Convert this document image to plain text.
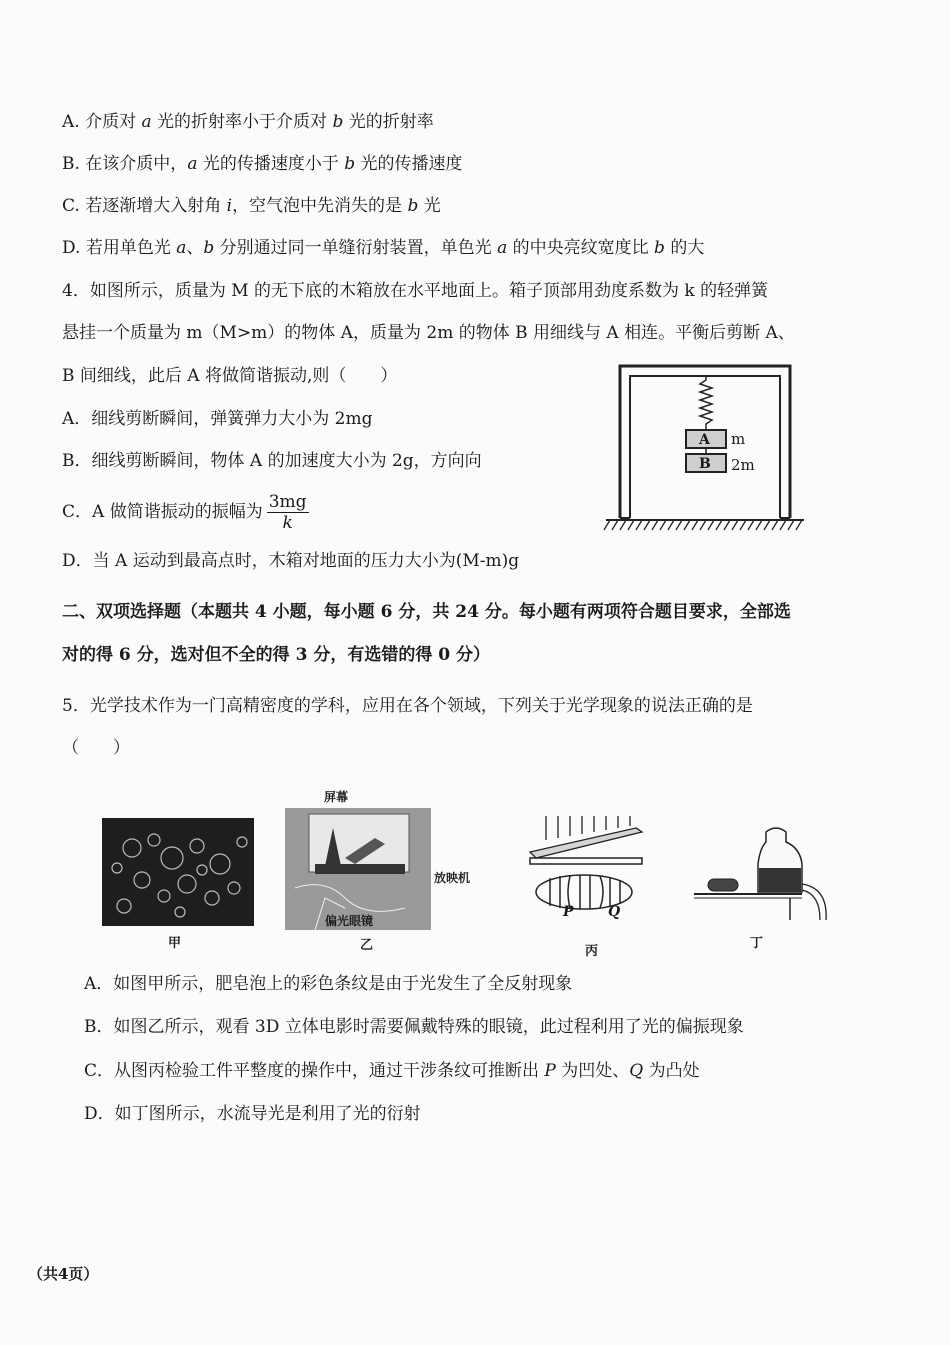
A. 介质对 a 光的折射率小于介质对 b 光的折射率
B. 在该介质中，a 光的传播速度小于 b 光的传播速度
C. 若逐渐增大入射角 i，空气泡中先消失的是 b 光
D. 若用单色光 a、b 分别通过同一单缝衍射装置，单色光 a 的中央亮纹宽度比 b 的大
4．如图所示，质量为 M 的无下底的木箱放在水平地面上。箱子顶部用劲度系数为 k 的轻弹簧
悬挂一个质量为 m（M>m）的物体 A，质量为 2m 的物体 B 用细线与 A 相连。平衡后剪断 A、
B 间细线，此后 A 将做简谐振动,则（　　）
A．细线剪断瞬间，弹簧弹力大小为 2mg
B．细线剪断瞬间，物体 A 的加速度大小为 2g，方向向
C．A 做简谐振动的振幅为 $\frac{3mg}{k}$
D．当 A 运动到最高点时，木箱对地面的压力大小为(M-m)g
A
B
m
2m
二、双项选择题（本题共 4 小题，每小题 6 分，共 24 分。每小题有两项符合题目要求，全部选
对的得 6 分，选对但不全的得 3 分，有选错的得 0 分）
5．光学技术作为一门高精密度的学科，应用在各个领域，下列关于光学现象的说法正确的是
（　　）
甲
屏幕
放映机
偏光眼镜
乙
P Q
丙
丁
A．如图甲所示，肥皂泡上的彩色条纹是由于光发生了全反射现象
B．如图乙所示，观看 3D 立体电影时需要佩戴特殊的眼镜，此过程利用了光的偏振现象
C．从图丙检验工件平整度的操作中，通过干涉条纹可推断出 P 为凹处、Q 为凸处
D．如丁图所示，水流导光是利用了光的衍射
（共4页）
